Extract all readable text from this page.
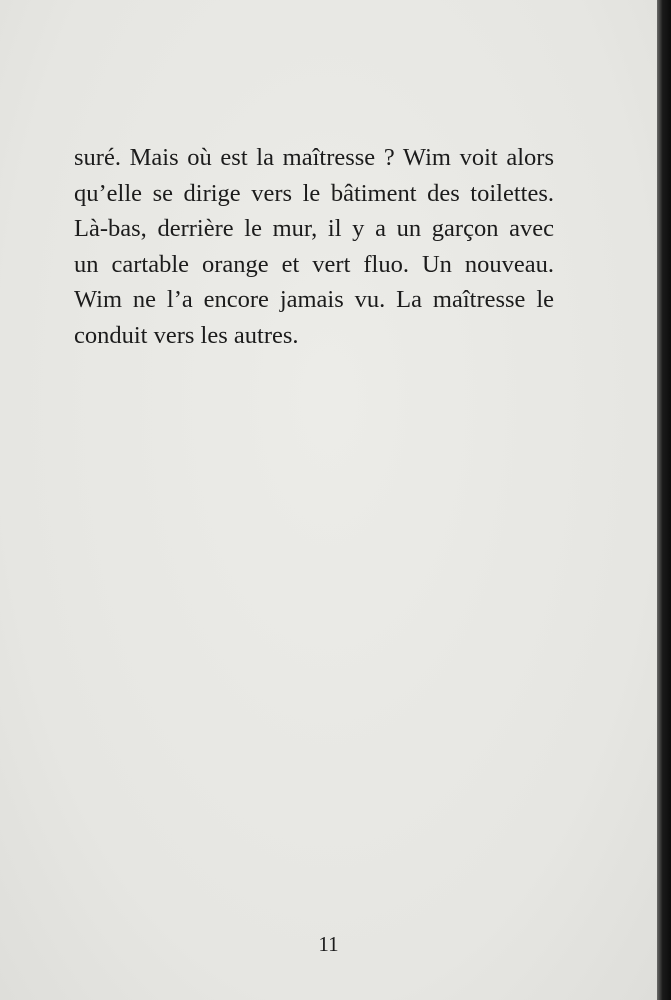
suré. Mais où est la maîtresse ? Wim voit alors
qu’elle se dirige vers le bâtiment des toilettes.
Là-bas, derrière le mur, il y a un garçon avec
un cartable orange et vert fluo. Un nouveau.
Wim ne l’a encore jamais vu. La maîtresse le
conduit vers les autres.

11
